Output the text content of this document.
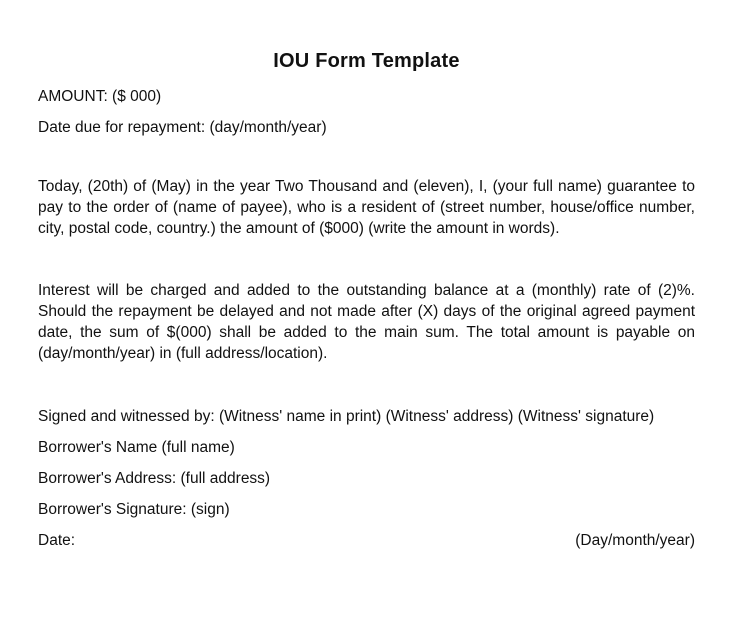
IOU Form Template

AMOUNT: ($ 000)

Date due for repayment: (day/month/year)

Today, (20th) of (May) in the year Two Thousand and (eleven), I, (your full name) guarantee to pay to the order of (name of payee), who is a resident of (street number, house/office number, city, postal code, country.) the amount of ($000) (write the amount in words).

Interest will be charged and added to the outstanding balance at a (monthly) rate of (2)%. Should the repayment be delayed and not made after (X) days of the original agreed payment date, the sum of $(000) shall be added to the main sum. The total amount is payable on (day/month/year) in (full address/location).

Signed and witnessed by: (Witness' name in print) (Witness' address) (Witness' signature)

Borrower's Name (full name)

Borrower's Address: (full address)

Borrower's Signature: (sign)

Date:	(Day/month/year)
